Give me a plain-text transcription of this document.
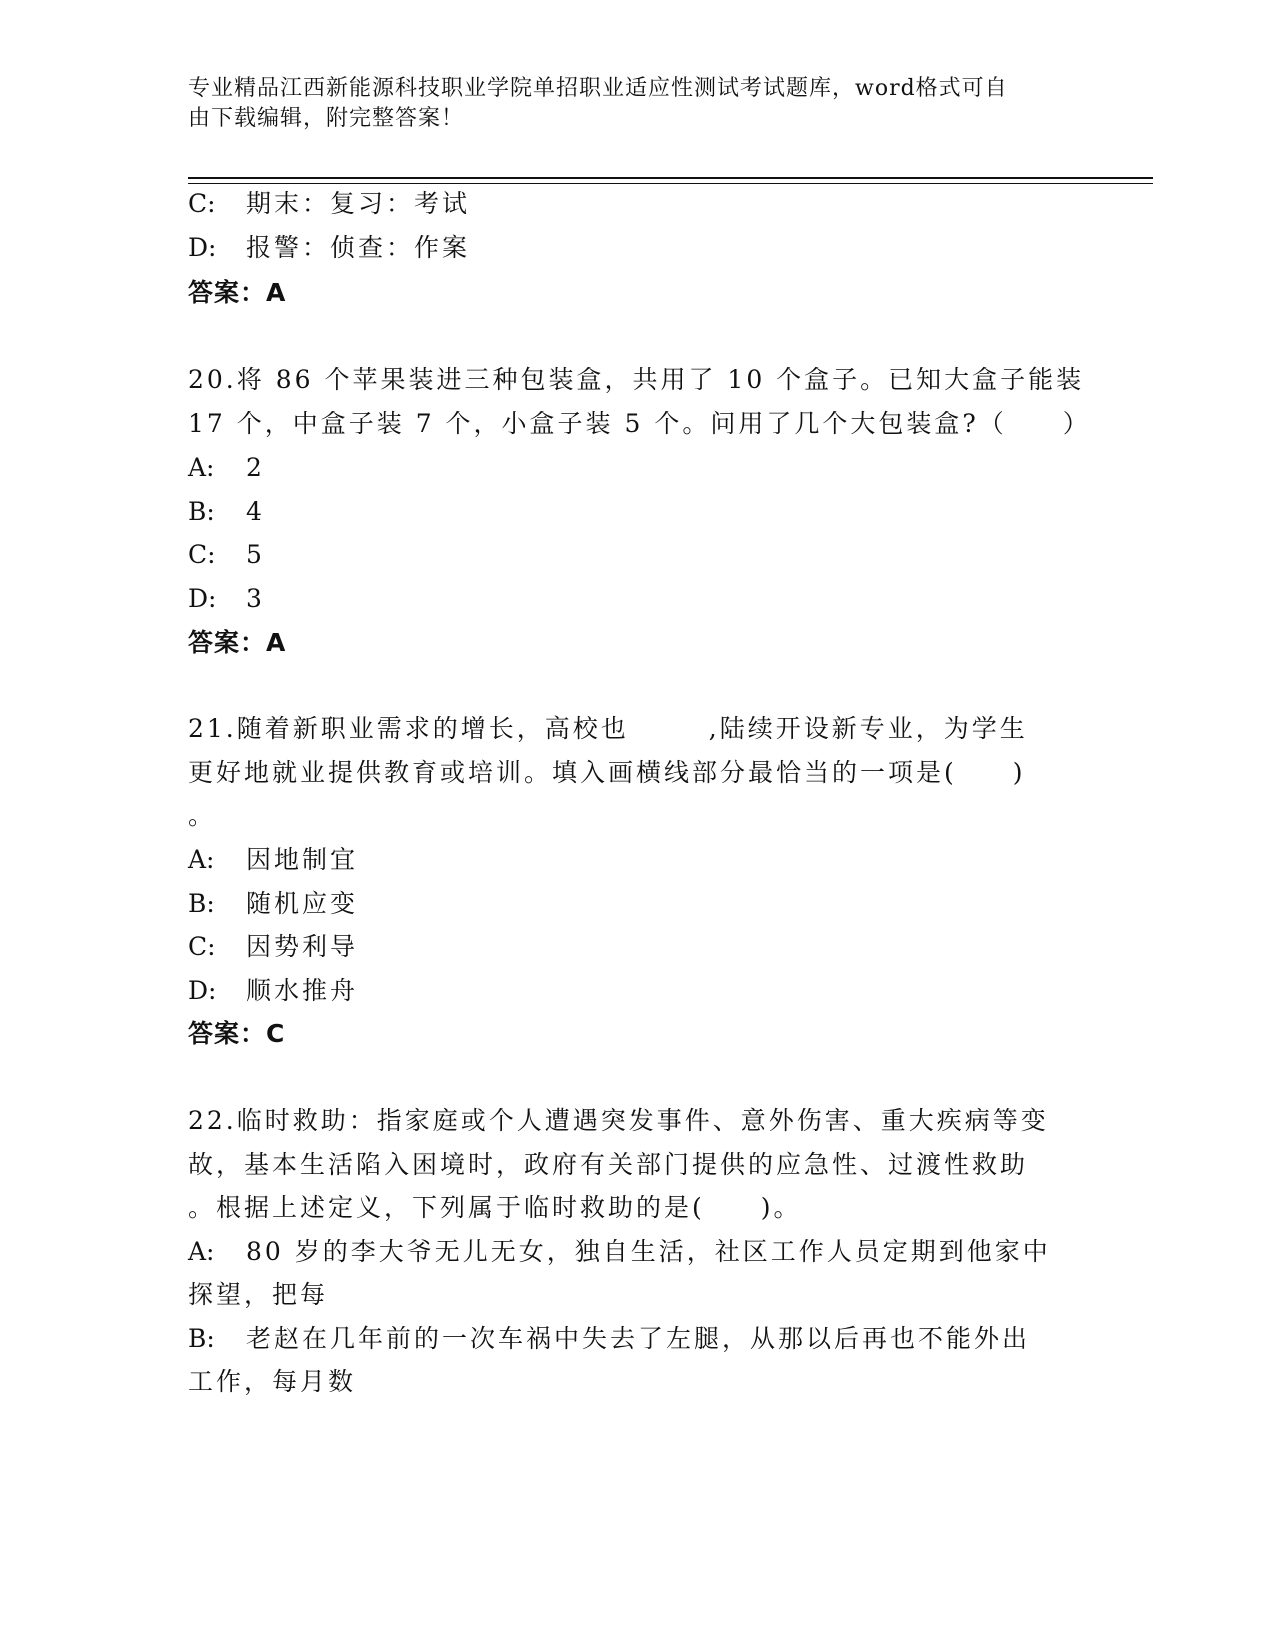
专业精品江西新能源科技职业学院单招职业适应性测试考试题库，word格式可自
由下载编辑，附完整答案！
C: 期末：复习：考试
D: 报警：侦查：作案
答案：A
20.将 86 个苹果装进三种包装盒，共用了 10 个盒子。已知大盒子能装
17 个，中盒子装 7 个，小盒子装 5 个。问用了几个大包装盒?（　　）
A: 2
B: 4
C: 5
D: 3
答案：A
21.随着新职业需求的增长，高校也	,陆续开设新专业，为学生
更好地就业提供教育或培训。填入画横线部分最恰当的一项是(　　)
。
A: 因地制宜
B: 随机应变
C: 因势利导
D: 顺水推舟
答案：C
22.临时救助：指家庭或个人遭遇突发事件、意外伤害、重大疾病等变
故，基本生活陷入困境时，政府有关部门提供的应急性、过渡性救助
。根据上述定义，下列属于临时救助的是(　　)。
A: 80 岁的李大爷无儿无女，独自生活，社区工作人员定期到他家中
探望，把每
B: 老赵在几年前的一次车祸中失去了左腿，从那以后再也不能外出
工作，每月数
